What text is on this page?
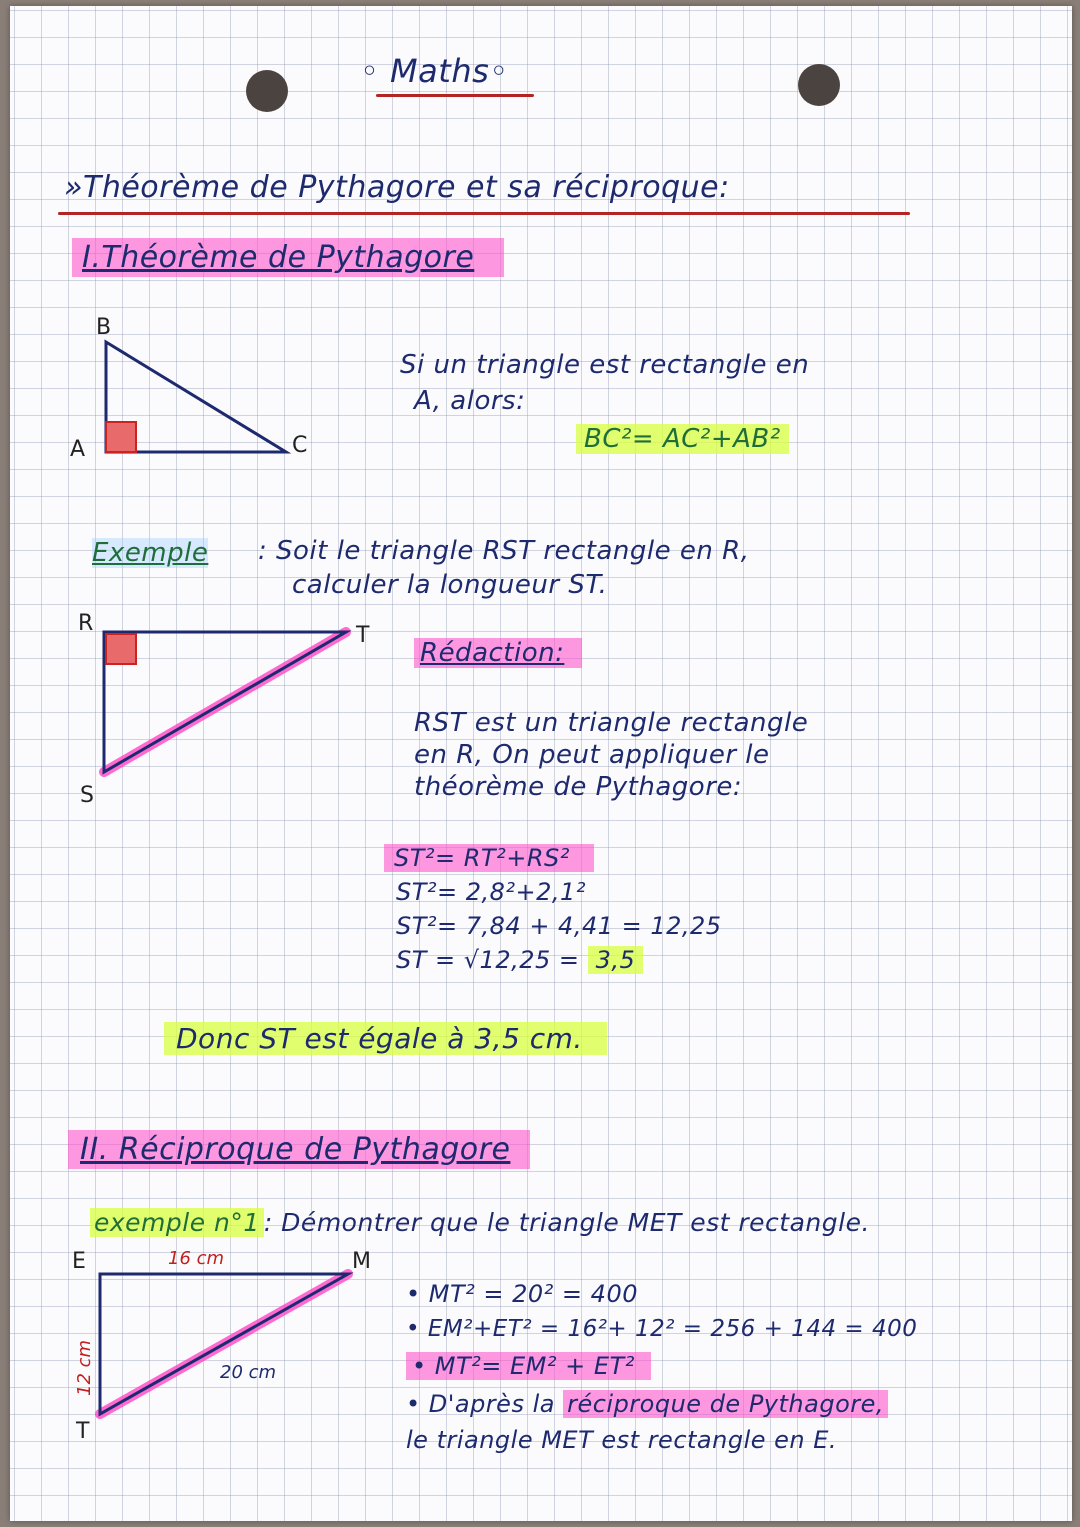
◦ Maths◦
»Théorème de Pythagore et sa réciproque:
I.Théorème de Pythagore
B
A	C
Si un triangle est rectangle en
A, alors:
BC²= AC²+AB²
Exemple : Soit le triangle RST rectangle en R,
calculer la longueur ST.
R	T
S
Rédaction:
RST est un triangle rectangle
en R, On peut appliquer le
théorème de Pythagore:
ST²= RT²+RS²
ST²= 2,8²+2,1²
ST²= 7,84 + 4,41 = 12,25
ST = √12,25 = 3,5
Donc ST est égale à 3,5 cm.
II. Réciproque de Pythagore
exemple n°1 : Démontrer que le triangle MET est rectangle.
E	M
T
16 cm
12 cm	20 cm
• MT² = 20² = 400
• EM²+ET² = 16²+ 12² = 256 + 144 = 400
• MT²= EM² + ET²
• D'après la réciproque de Pythagore,
le triangle MET est rectangle en E.
